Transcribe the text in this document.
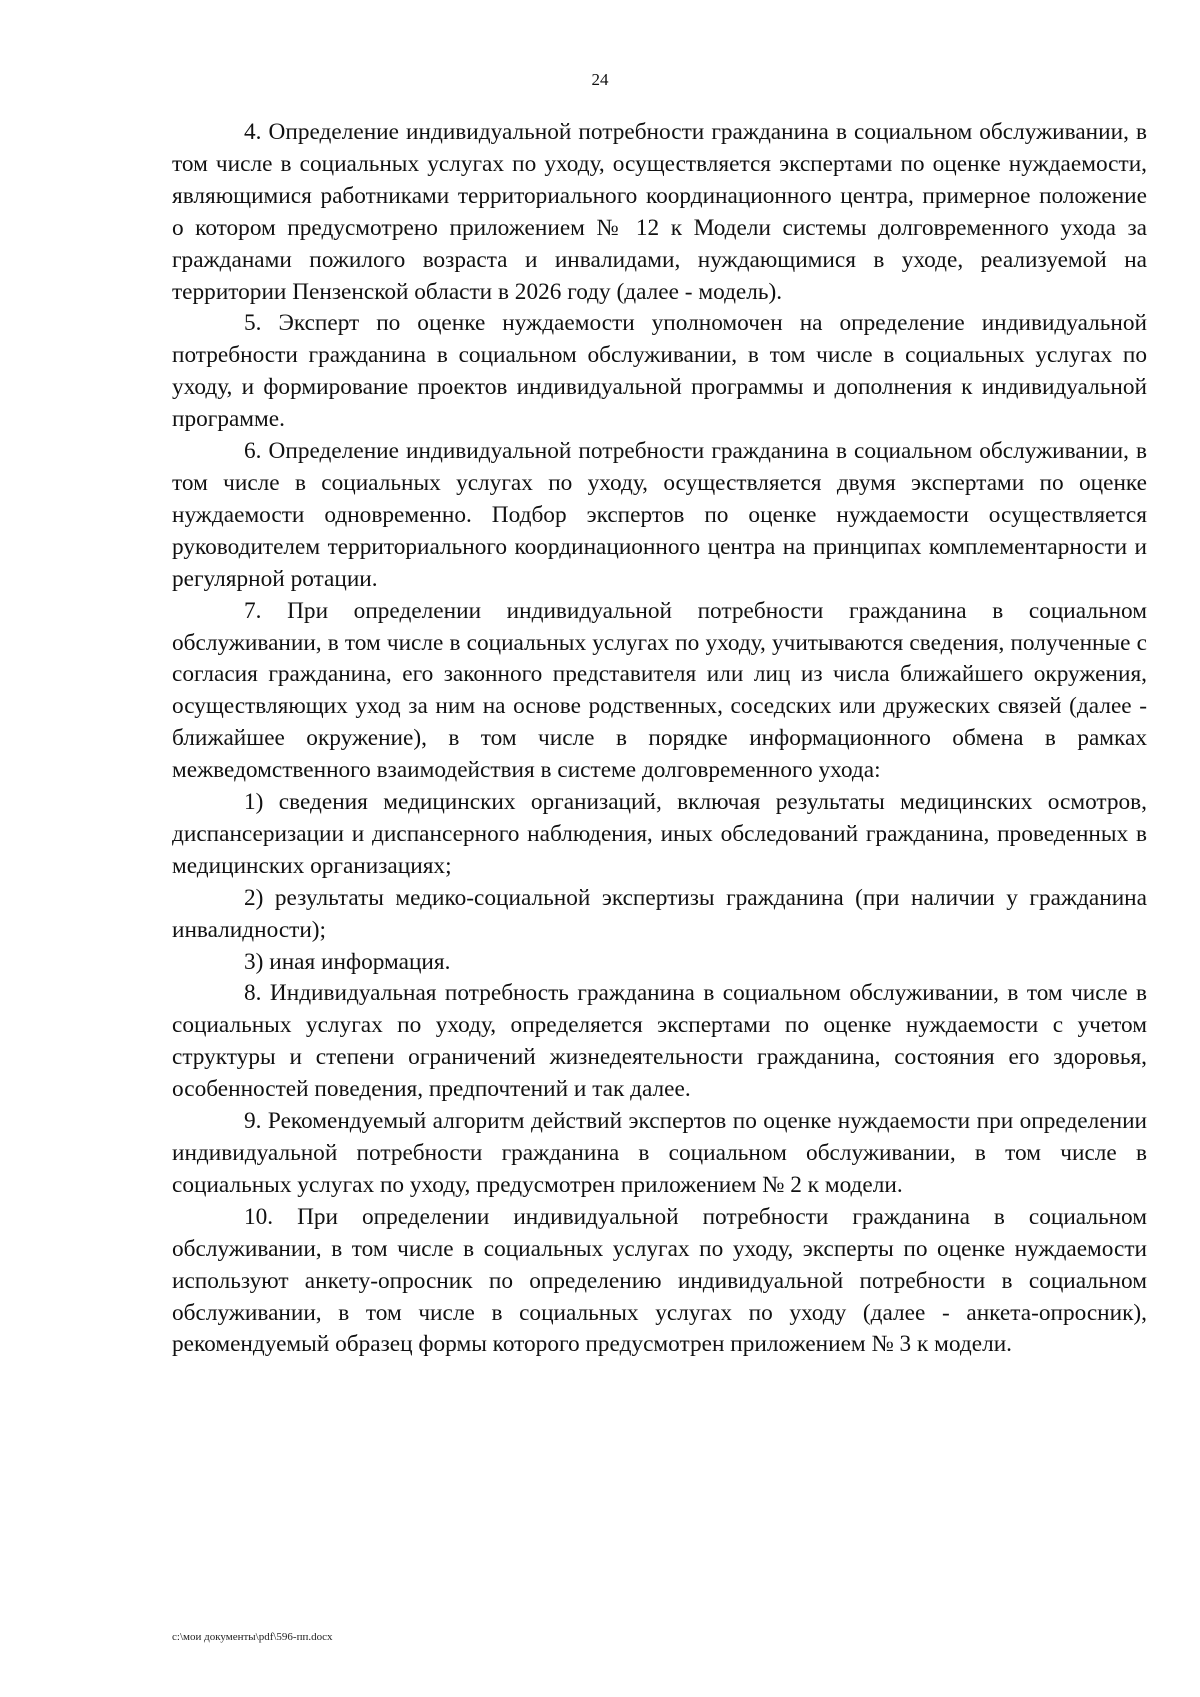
24

4. Определение индивидуальной потребности гражданина в социальном обслуживании, в том числе в социальных услугах по уходу, осуществляется экспертами по оценке нуждаемости, являющимися работниками территориального координационного центра, примерное положение о котором предусмотрено приложением № 12 к Модели системы долговременного ухода за гражданами пожилого возраста и инвалидами, нуждающимися в уходе, реализуемой на территории Пензенской области в 2026 году (далее - модель).

5. Эксперт по оценке нуждаемости уполномочен на определение индивидуальной потребности гражданина в социальном обслуживании, в том числе в социальных услугах по уходу, и формирование проектов индивидуальной программы и дополнения к индивидуальной программе.

6. Определение индивидуальной потребности гражданина в социальном обслуживании, в том числе в социальных услугах по уходу, осуществляется двумя экспертами по оценке нуждаемости одновременно. Подбор экспертов по оценке нуждаемости осуществляется руководителем территориального координационного центра на принципах комплементарности и регулярной ротации.

7. При определении индивидуальной потребности гражданина в социальном обслуживании, в том числе в социальных услугах по уходу, учитываются сведения, полученные с согласия гражданина, его законного представителя или лиц из числа ближайшего окружения, осуществляющих уход за ним на основе родственных, соседских или дружеских связей (далее - ближайшее окружение), в том числе в порядке информационного обмена в рамках межведомственного взаимодействия в системе долговременного ухода:

1) сведения медицинских организаций, включая результаты медицинских осмотров, диспансеризации и диспансерного наблюдения, иных обследований гражданина, проведенных в медицинских организациях;

2) результаты медико-социальной экспертизы гражданина (при наличии у гражданина инвалидности);

3) иная информация.

8. Индивидуальная потребность гражданина в социальном обслуживании, в том числе в социальных услугах по уходу, определяется экспертами по оценке нуждаемости с учетом структуры и степени ограничений жизнедеятельности гражданина, состояния его здоровья, особенностей поведения, предпочтений и так далее.

9. Рекомендуемый алгоритм действий экспертов по оценке нуждаемости при определении индивидуальной потребности гражданина в социальном обслуживании, в том числе в социальных услугах по уходу, предусмотрен приложением № 2 к модели.

10. При определении индивидуальной потребности гражданина в социальном обслуживании, в том числе в социальных услугах по уходу, эксперты по оценке нуждаемости используют анкету-опросник по определению индивидуальной потребности в социальном обслуживании, в том числе в социальных услугах по уходу (далее - анкета-опросник), рекомендуемый образец формы которого предусмотрен приложением № 3 к модели.

c:\мои документы\pdf\596-пп.docx
